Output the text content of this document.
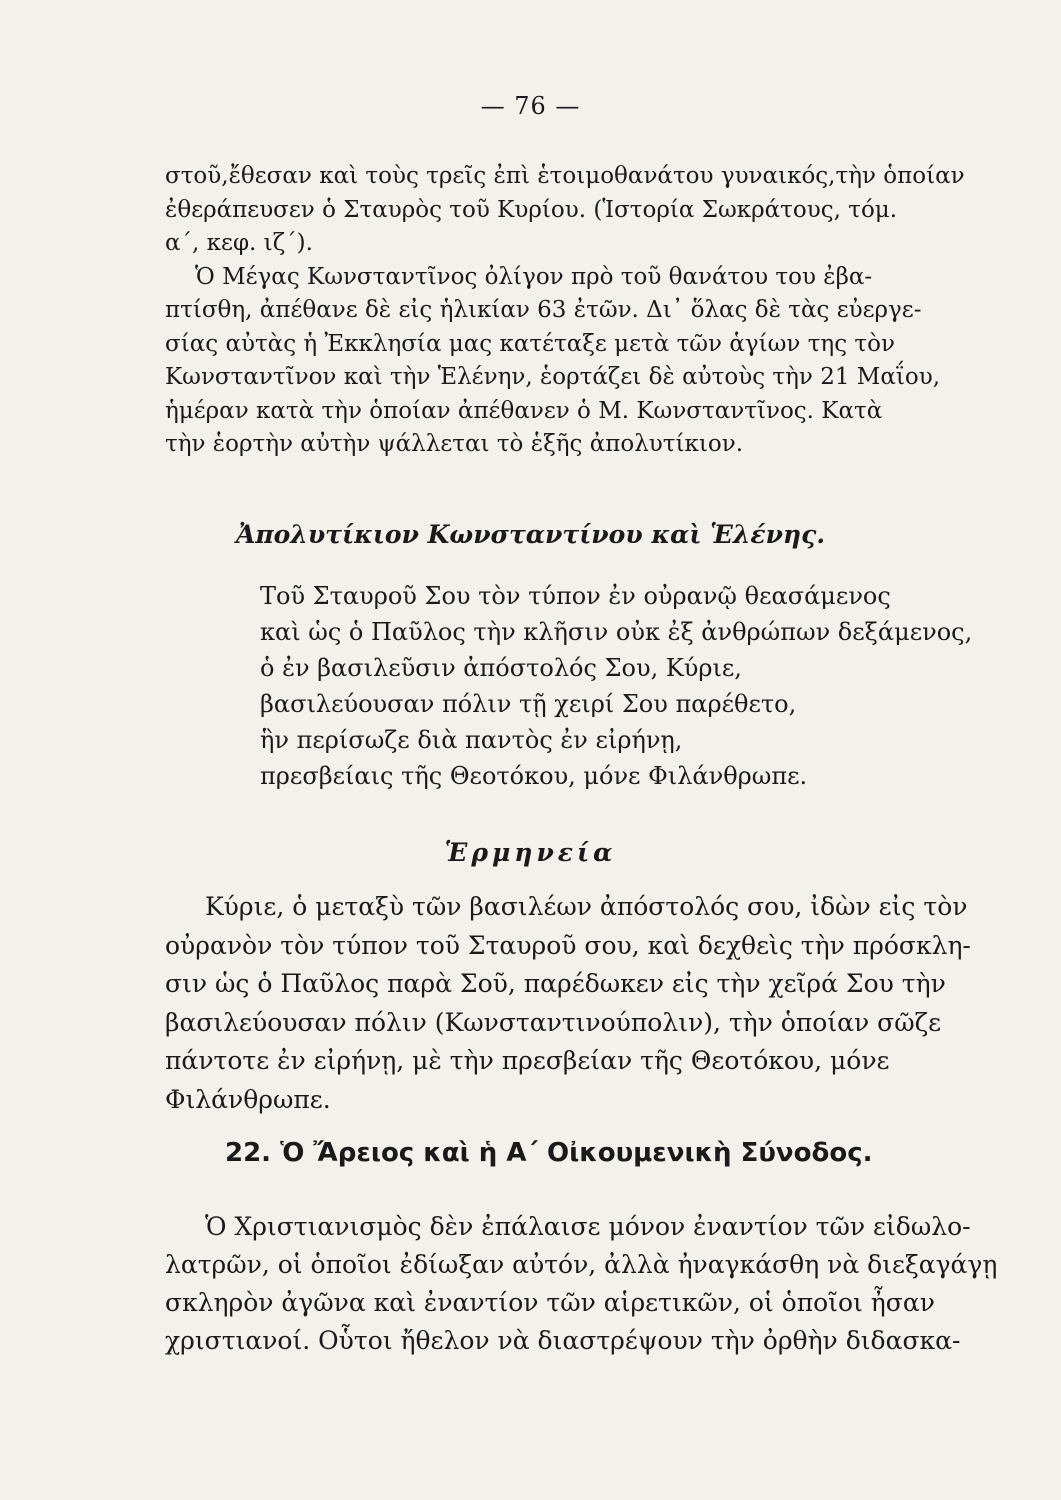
— 76 —
στοῦ,ἔθεσαν καὶ τοὺς τρεῖς ἐπὶ ἑτοιμοθανάτου γυναικός,τὴν ὁποίαν
ἐθεράπευσεν ὁ Σταυρὸς τοῦ Κυρίου. (Ἱστορία Σωκράτους, τόμ.
α΄, κεφ. ιζ΄).
Ὁ Μέγας Κωνσταντῖνος ὀλίγον πρὸ τοῦ θανάτου του ἐβα-
πτίσθη, ἀπέθανε δὲ εἰς ἡλικίαν 63 ἐτῶν. Δι᾿ ὅλας δὲ τὰς εὐεργε-
σίας αὐτὰς ἡ Ἐκκλησία μας κατέταξε μετὰ τῶν ἁγίων της τὸν
Κωνσταντῖνον καὶ τὴν Ἑλένην, ἑορτάζει δὲ αὐτοὺς τὴν 21 Μαΐου,
ἡμέραν κατὰ τὴν ὁποίαν ἀπέθανεν ὁ Μ. Κωνσταντῖνος. Κατὰ
τὴν ἑορτὴν αὐτὴν ψάλλεται τὸ ἑξῆς ἀπολυτίκιον.
Ἀπολυτίκιον Κωνσταντίνου καὶ Ἑλένης.
Τοῦ Σταυροῦ Σου τὸν τύπον ἐν οὐρανῷ θεασάμενος
καὶ ὡς ὁ Παῦλος τὴν κλῆσιν οὐκ ἐξ ἀνθρώπων δεξάμενος,
ὁ ἐν βασιλεῦσιν ἀπόστολός Σου, Κύριε,
βασιλεύουσαν πόλιν τῇ χειρί Σου παρέθετο,
ἣν περίσωζε διὰ παντὸς ἐν εἰρήνῃ,
πρεσβείαις τῆς Θεοτόκου, μόνε Φιλάνθρωπε.
Ἑρμηνεία
Κύριε, ὁ μεταξὺ τῶν βασιλέων ἀπόστολός σου, ἰδὼν εἰς τὸν
οὐρανὸν τὸν τύπον τοῦ Σταυροῦ σου, καὶ δεχθεὶς τὴν πρόσκλη-
σιν ὡς ὁ Παῦλος παρὰ Σοῦ, παρέδωκεν εἰς τὴν χεῖρά Σου τὴν
βασιλεύουσαν πόλιν (Κωνσταντινούπολιν), τὴν ὁποίαν σῶζε
πάντοτε ἐν εἰρήνῃ, μὲ τὴν πρεσβείαν τῆς Θεοτόκου, μόνε
Φιλάνθρωπε.
22. Ὁ Ἄρειος καὶ ἡ Α΄ Οἰκουμενικὴ Σύνοδος.
Ὁ Χριστιανισμὸς δὲν ἐπάλαισε μόνον ἐναντίον τῶν εἰδωλο-
λατρῶν, οἱ ὁποῖοι ἐδίωξαν αὐτόν, ἀλλὰ ἠναγκάσθη νὰ διεξαγάγῃ
σκληρὸν ἀγῶνα καὶ ἐναντίον τῶν αἱρετικῶν, οἱ ὁποῖοι ἦσαν
χριστιανοί. Οὗτοι ἤθελον νὰ διαστρέψουν τὴν ὀρθὴν διδασκα-
